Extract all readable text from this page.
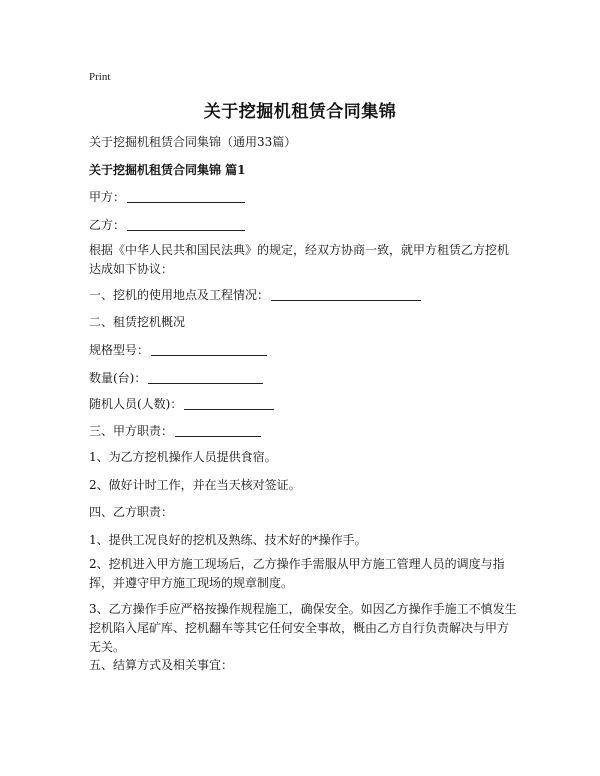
Print
关于挖掘机租赁合同集锦
关于挖掘机租赁合同集锦（通用33篇）
关于挖掘机租赁合同集锦 篇1
甲方：
乙方：
根据《中华人民共和国民法典》的规定，经双方协商一致，就甲方租赁乙方挖机达成如下协议：
一、挖机的使用地点及工程情况：
二、租赁挖机概况
规格型号：
数量(台)：
随机人员(人数)：
三、甲方职责：
1、为乙方挖机操作人员提供食宿。
2、做好计时工作，并在当天核对签证。
四、乙方职责：
1、提供工况良好的挖机及熟练、技术好的*操作手。
2、挖机进入甲方施工现场后，乙方操作手需服从甲方施工管理人员的调度与指挥，并遵守甲方施工现场的规章制度。
3、乙方操作手应严格按操作规程施工，确保安全。如因乙方操作手施工不慎发生挖机陷入尾矿库、挖机翻车等其它任何安全事故，概由乙方自行负责解决与甲方无关。
五、结算方式及相关事宜：
